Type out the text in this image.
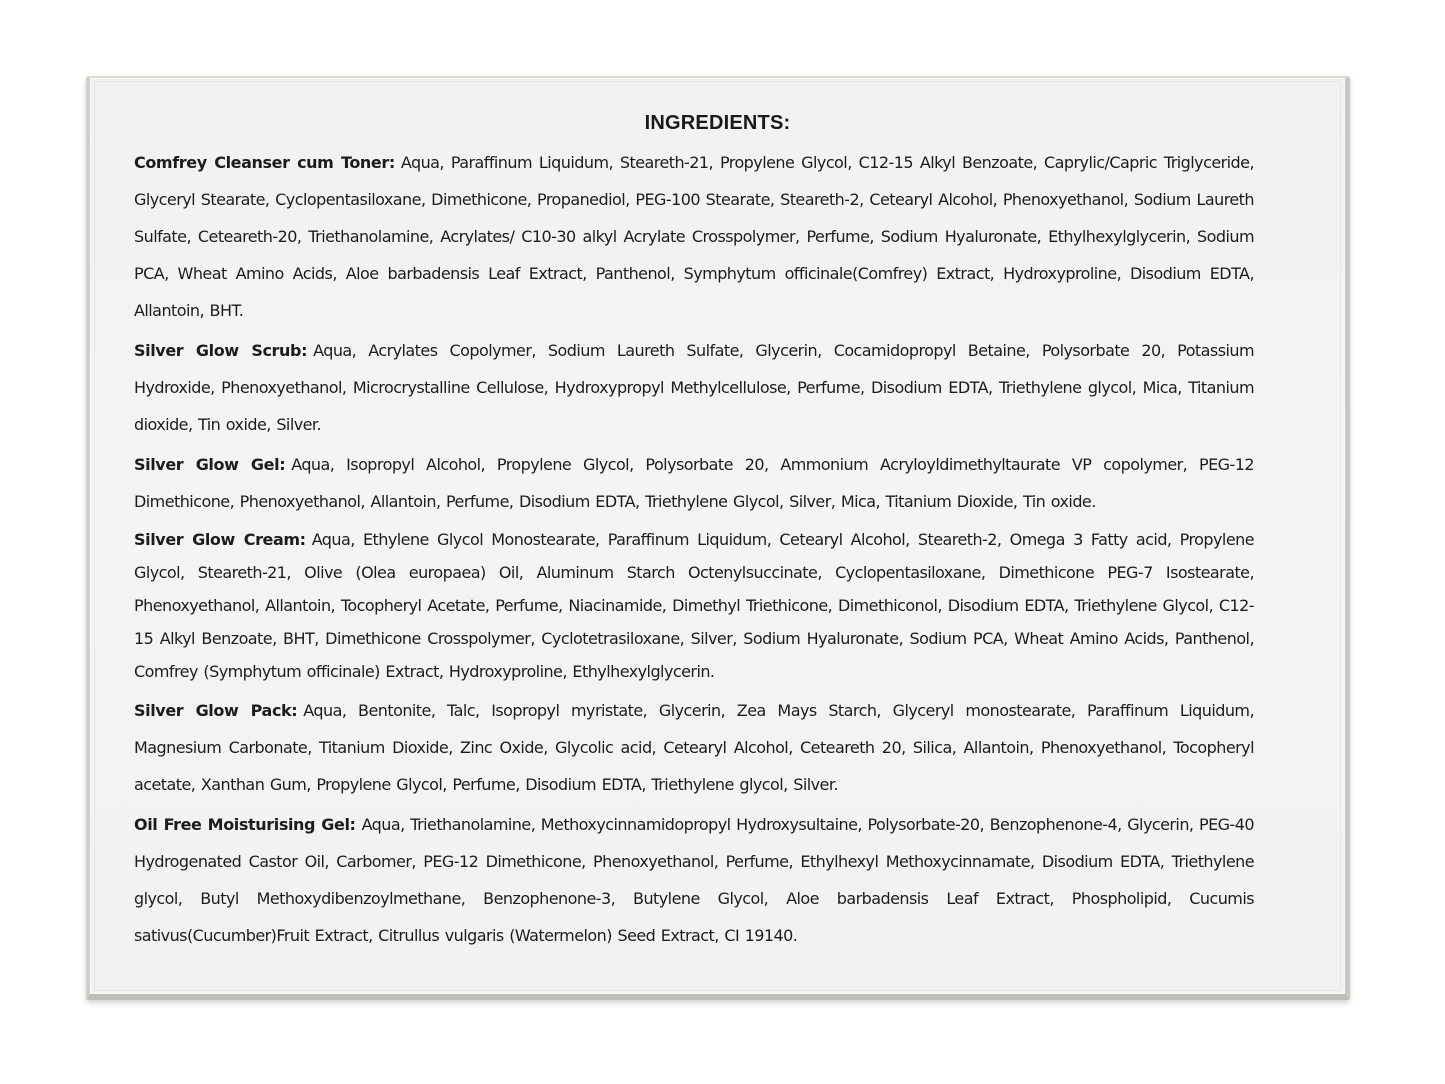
INGREDIENTS:

Comfrey Cleanser cum Toner: Aqua, Paraffinum Liquidum, Steareth-21, Propylene Glycol, C12-15 Alkyl Benzoate, Caprylic/Capric Triglyceride, Glyceryl Stearate, Cyclopentasiloxane, Dimethicone, Propanediol, PEG-100 Stearate, Steareth-2, Cetearyl Alcohol, Phenoxyethanol, Sodium Laureth Sulfate, Ceteareth-20, Triethanolamine, Acrylates/ C10-30 alkyl Acrylate Crosspolymer, Perfume, Sodium Hyaluronate, Ethylhexylglycerin, Sodium PCA, Wheat Amino Acids, Aloe barbadensis Leaf Extract, Panthenol, Symphytum officinale(Comfrey) Extract, Hydroxyproline, Disodium EDTA, Allantoin, BHT.

Silver Glow Scrub: Aqua, Acrylates Copolymer, Sodium Laureth Sulfate, Glycerin, Cocamidopropyl Betaine, Polysorbate 20, Potassium Hydroxide, Phenoxyethanol, Microcrystalline Cellulose, Hydroxypropyl Methylcellulose, Perfume, Disodium EDTA, Triethylene glycol, Mica, Titanium dioxide, Tin oxide, Silver.

Silver Glow Gel: Aqua, Isopropyl Alcohol, Propylene Glycol, Polysorbate 20, Ammonium Acryloyldimethyltaurate VP copolymer, PEG-12 Dimethicone, Phenoxyethanol, Allantoin, Perfume, Disodium EDTA, Triethylene Glycol, Silver, Mica, Titanium Dioxide, Tin oxide.

Silver Glow Cream: Aqua, Ethylene Glycol Monostearate, Paraffinum Liquidum, Cetearyl Alcohol, Steareth-2, Omega 3 Fatty acid, Propylene Glycol, Steareth-21, Olive (Olea europaea) Oil, Aluminum Starch Octenylsuccinate, Cyclopentasiloxane, Dimethicone PEG-7 Isostearate, Phenoxyethanol, Allantoin, Tocopheryl Acetate, Perfume, Niacinamide, Dimethyl Triethicone, Dimethiconol, Disodium EDTA, Triethylene Glycol, C12-15 Alkyl Benzoate, BHT, Dimethicone Crosspolymer, Cyclotetrasiloxane, Silver, Sodium Hyaluronate, Sodium PCA, Wheat Amino Acids, Panthenol, Comfrey (Symphytum officinale) Extract, Hydroxyproline, Ethylhexylglycerin.

Silver Glow Pack: Aqua, Bentonite, Talc, Isopropyl myristate, Glycerin, Zea Mays Starch, Glyceryl monostearate, Paraffinum Liquidum, Magnesium Carbonate, Titanium Dioxide, Zinc Oxide, Glycolic acid, Cetearyl Alcohol, Ceteareth 20, Silica, Allantoin, Phenoxyethanol, Tocopheryl acetate, Xanthan Gum, Propylene Glycol, Perfume, Disodium EDTA, Triethylene glycol, Silver.

Oil Free Moisturising Gel: Aqua, Triethanolamine, Methoxycinnamidopropyl Hydroxysultaine, Polysorbate-20, Benzophenone-4, Glycerin, PEG-40 Hydrogenated Castor Oil, Carbomer, PEG-12 Dimethicone, Phenoxyethanol, Perfume, Ethylhexyl Methoxycinnamate, Disodium EDTA, Triethylene glycol, Butyl Methoxydibenzoylmethane, Benzophenone-3, Butylene Glycol, Aloe barbadensis Leaf Extract, Phospholipid, Cucumis sativus(Cucumber)Fruit Extract, Citrullus vulgaris (Watermelon) Seed Extract, CI 19140.
